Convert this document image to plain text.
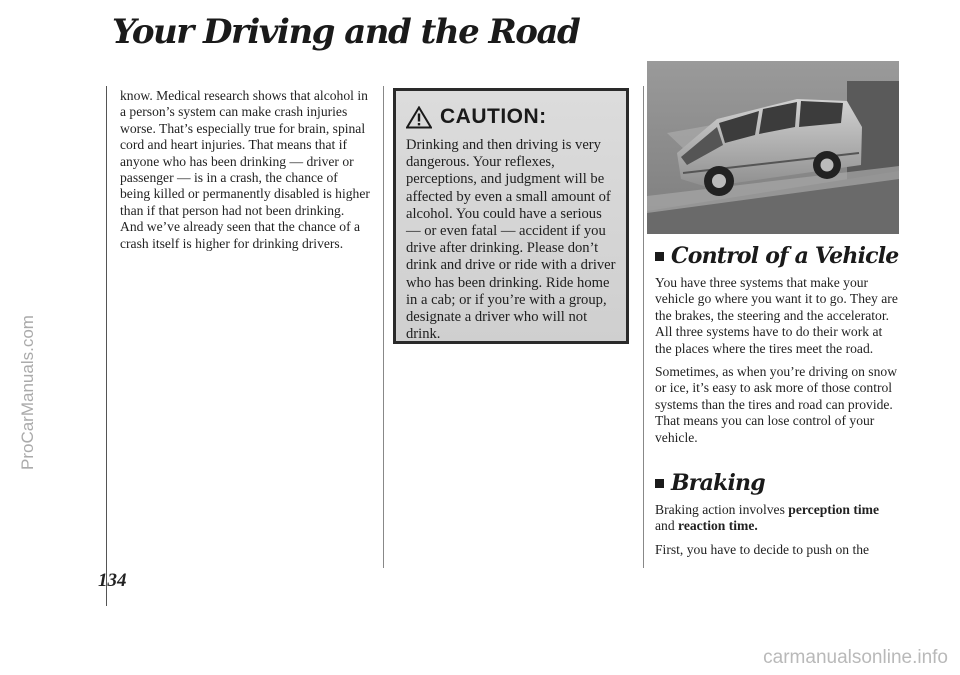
Your Driving and the Road
ProCarManuals.com

know. Medical research shows that alcohol in a person’s system can make crash injuries worse. That’s especially true for brain, spinal cord and heart injuries. That means that if anyone who has been drinking — driver or passenger — is in a crash, the chance of being killed or permanently disabled is higher than if that person had not been drinking. And we’ve already seen that the chance of a crash itself is higher for drinking drivers.

CAUTION:

Drinking and then driving is very dangerous. Your reflexes, perceptions, and judgment will be affected by even a small amount of alcohol. You could have a serious — or even fatal — accident if you drive after drinking. Please don’t drink and drive or ride with a driver who has been drinking. Ride home in a cab; or if you’re with a group, designate a driver who will not drink.

Control of a Vehicle

You have three systems that make your vehicle go where you want it to go. They are the brakes, the steering and the accelerator. All three systems have to do their work at the places where the tires meet the road.

Sometimes, as when you’re driving on snow or ice, it’s easy to ask more of those control systems than the tires and road can provide. That means you can lose control of your vehicle.

Braking

Braking action involves perception time and reaction time.

First, you have to decide to push on the

134
carmanualsonline.info
